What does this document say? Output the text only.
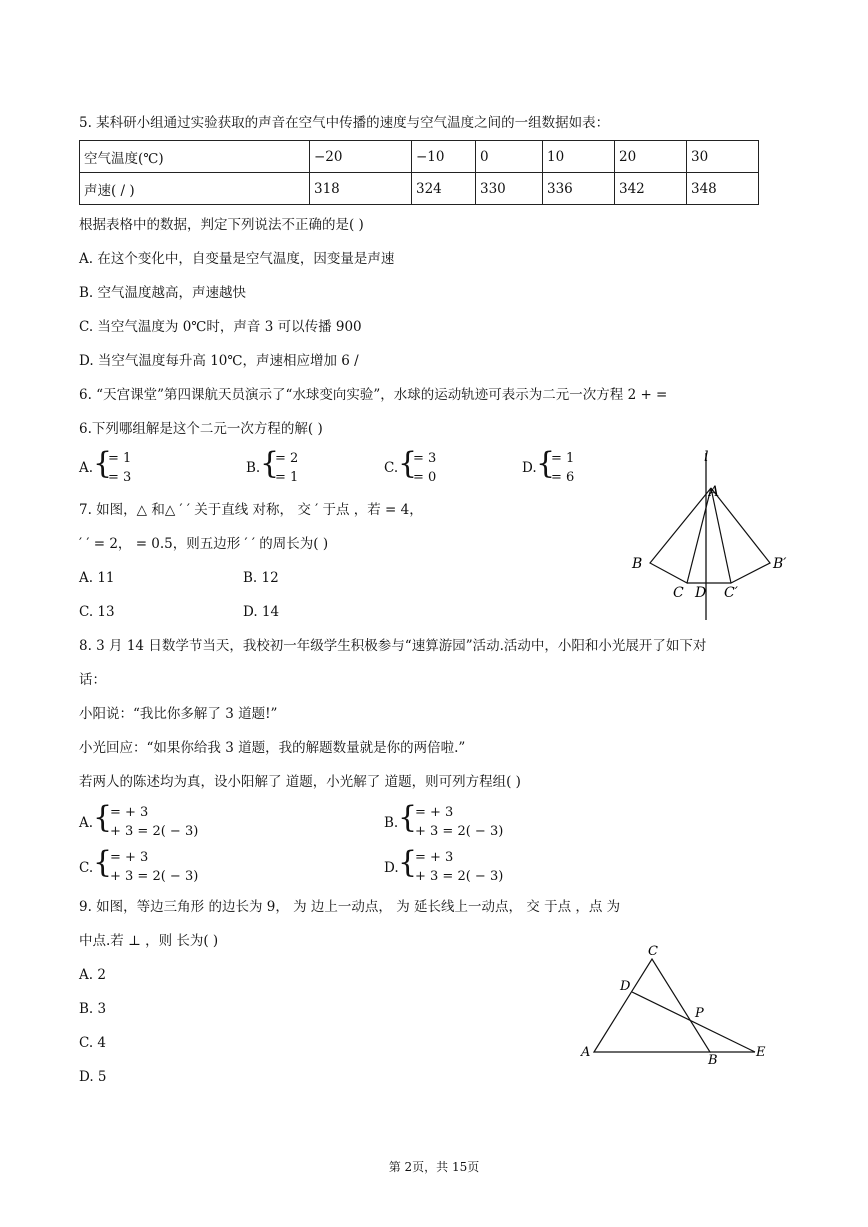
5. 某科研小组通过实验获取的声音在空气中传播的速度与空气温度之间的一组数据如表：
空气温度(℃)	−20	−10	0	10	20	30
声速( / )	318	324	330	336	342	348
根据表格中的数据，判定下列说法不正确的是( )
A. 在这个变化中，自变量是空气温度，因变量是声速
B. 空气温度越高，声速越快
C. 当空气温度为 0℃时，声音 3 可以传播 900
D. 当空气温度每升高 10℃，声速相应增加 6 /
6. “天宫课堂”第四课航天员演示了“水球变向实验”，水球的运动轨迹可表示为二元一次方程 2 + =
6.下列哪组解是这个二元一次方程的解( )
A. {
= 1
= 3
B. {
= 2
= 1
C. {
= 3
= 0
D. {
= 1
= 6
7. 如图，△ 和△ ′ ′ 关于直线 对称， 交 ′ 于点 ，若 = 4，
′ ′ = 2， = 0.5，则五边形 ′ ′ 的周长为( )
A. 11	B. 12
C. 13	D. 14
l
A
B	B′
C D C′
8. 3 月 14 日数学节当天，我校初一年级学生积极参与“速算游园”活动.活动中，小阳和小光展开了如下对
话：
小阳说：“我比你多解了 3 道题!”
小光回应：“如果你给我 3 道题，我的解题数量就是你的两倍啦.”
若两人的陈述均为真，设小阳解了 道题，小光解了 道题，则可列方程组( )
A. {
= + 3
+ 3 = 2( − 3)
B. {
= + 3
+ 3 = 2( − 3)
C. {
= + 3
+ 3 = 2( − 3)
D. {
= + 3
+ 3 = 2( − 3)
9. 如图，等边三角形 的边长为 9， 为 边上一动点， 为 延长线上一动点， 交 于点 ，点 为
中点.若 ⊥ ，则 长为( )
A. 2
B. 3
C. 4
D. 5
C
D
P
A
B
E
第 2页，共 15页
